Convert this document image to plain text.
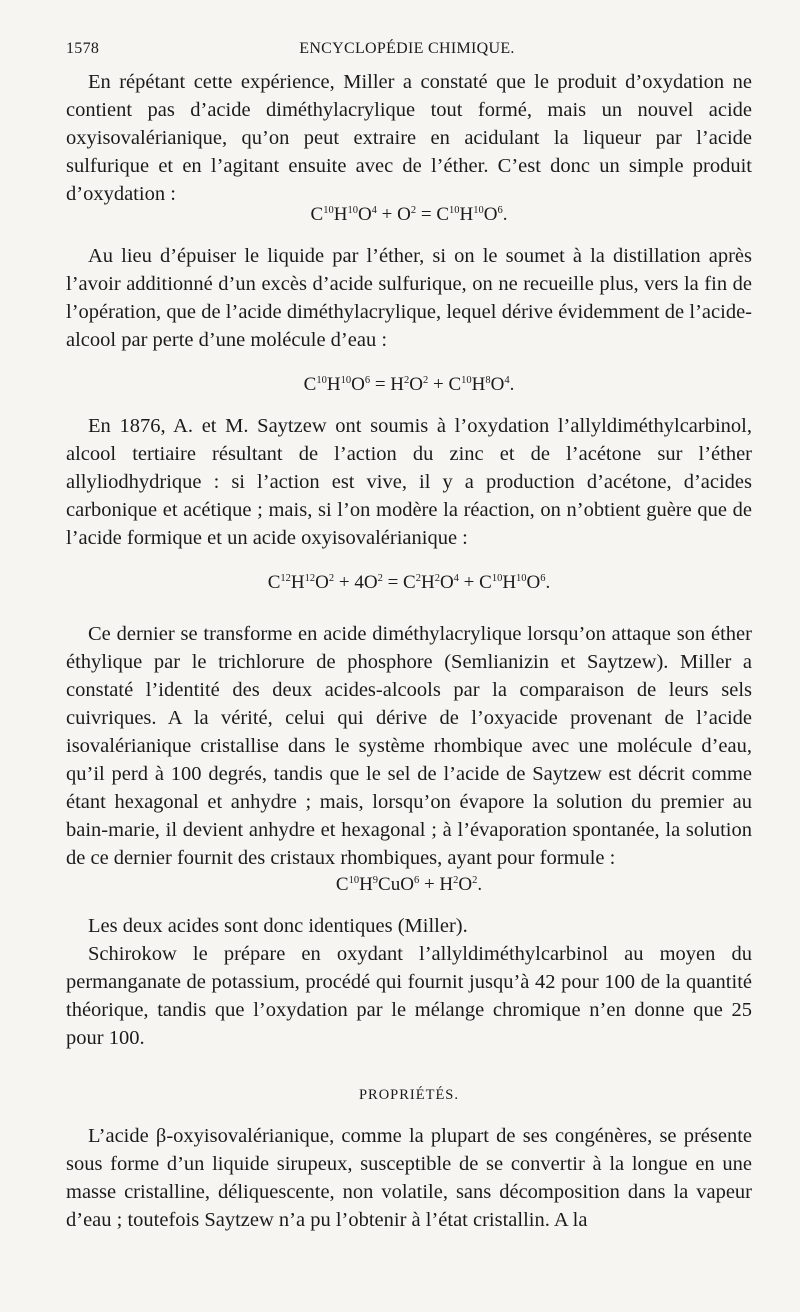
1578	ENCYCLOPÉDIE CHIMIQUE.
En répétant cette expérience, Miller a constaté que le produit d’oxydation ne contient pas d’acide diméthylacrylique tout formé, mais un nouvel acide oxyisovalérianique, qu’on peut extraire en acidulant la liqueur par l’acide sulfurique et en l’agitant ensuite avec de l’éther. C’est donc un simple produit d’oxydation :
$C^{10}H^{10}O^4 + O^2 = C^{10}H^{10}O^6$.
Au lieu d’épuiser le liquide par l’éther, si on le soumet à la distillation après l’avoir additionné d’un excès d’acide sulfurique, on ne recueille plus, vers la fin de l’opération, que de l’acide diméthylacrylique, lequel dérive évidemment de l’acide-alcool par perte d’une molécule d’eau :
$C^{10}H^{10}O^6 = H^2O^2 + C^{10}H^8O^4$.
En 1876, A. et M. Saytzew ont soumis à l’oxydation l’allyldiméthylcarbinol, alcool tertiaire résultant de l’action du zinc et de l’acétone sur l’éther allyliodhydrique : si l’action est vive, il y a production d’acétone, d’acides carbonique et acétique ; mais, si l’on modère la réaction, on n’obtient guère que de l’acide formique et un acide oxyisovalérianique :
$C^{12}H^{12}O^2 + 4O^2 = C^2H^2O^4 + C^{10}H^{10}O^6$.
Ce dernier se transforme en acide diméthylacrylique lorsqu’on attaque son éther éthylique par le trichlorure de phosphore (Semlianizin et Saytzew). Miller a constaté l’identité des deux acides-alcools par la comparaison de leurs sels cuivriques. A la vérité, celui qui dérive de l’oxyacide provenant de l’acide isovalérianique cristallise dans le système rhombique avec une molécule d’eau, qu’il perd à 100 degrés, tandis que le sel de l’acide de Saytzew est décrit comme étant hexagonal et anhydre ; mais, lorsqu’on évapore la solution du premier au bain-marie, il devient anhydre et hexagonal ; à l’évaporation spontanée, la solution de ce dernier fournit des cristaux rhombiques, ayant pour formule :
$C^{10}H^9CuO^6 + H^2O^2$.
Les deux acides sont donc identiques (Miller).
Schirokow le prépare en oxydant l’allyldiméthylcarbinol au moyen du permanganate de potassium, procédé qui fournit jusqu’à 42 pour 100 de la quantité théorique, tandis que l’oxydation par le mélange chromique n’en donne que 25 pour 100.
PROPRIÉTÉS.
L’acide β-oxyisovalérianique, comme la plupart de ses congénères, se présente sous forme d’un liquide sirupeux, susceptible de se convertir à la longue en une masse cristalline, déliquescente, non volatile, sans décomposition dans la vapeur d’eau ; toutefois Saytzew n’a pu l’obtenir à l’état cristallin. A la
